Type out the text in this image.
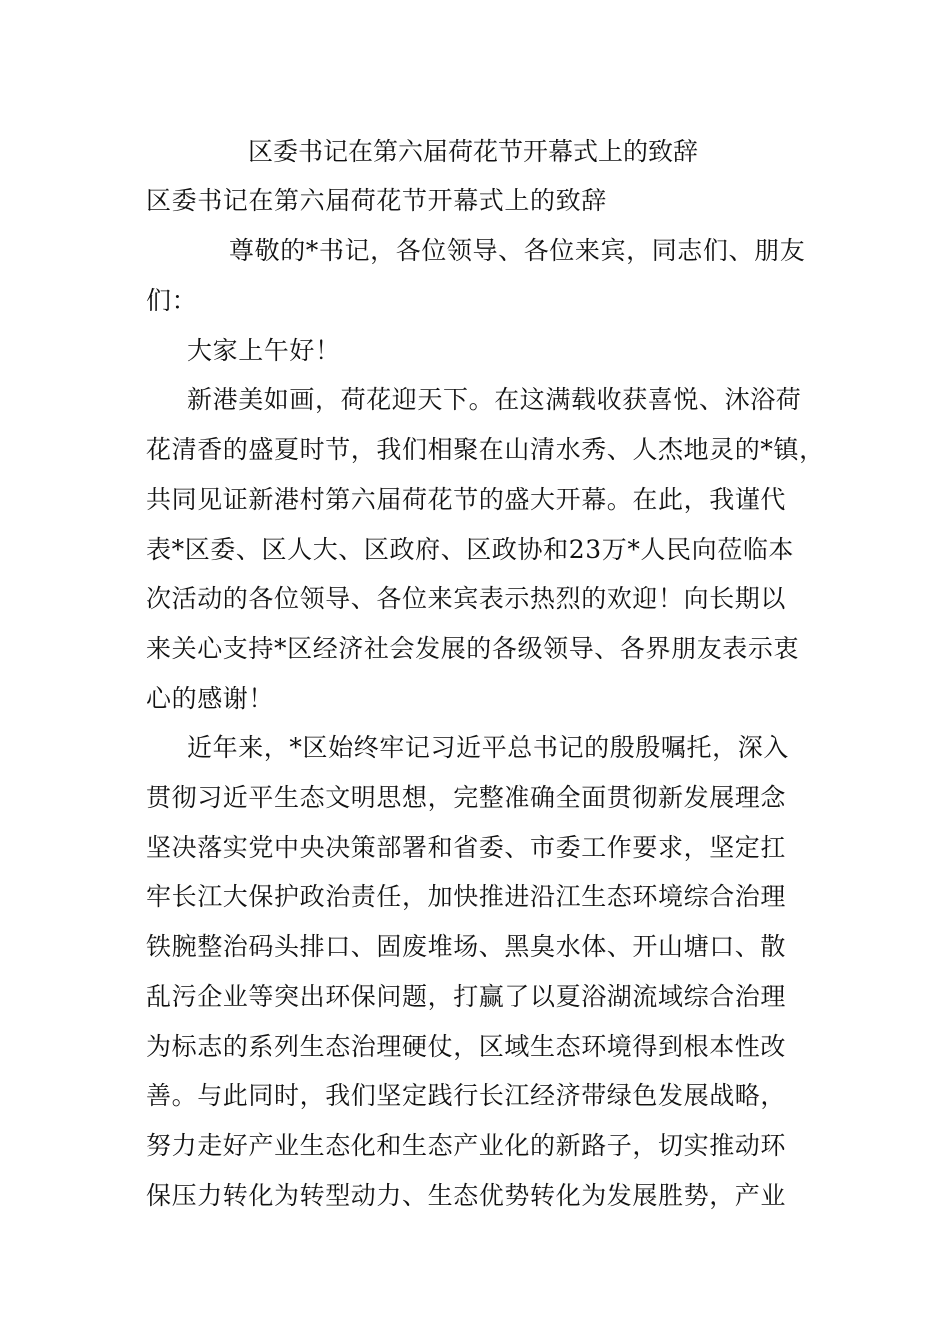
区委书记在第六届荷花节开幕式上的致辞
区委书记在第六届荷花节开幕式上的致辞
尊敬的*书记，各位领导、各位来宾，同志们、朋友
们：
大家上午好！
新港美如画，荷花迎天下。在这满载收获喜悦、沐浴荷
花清香的盛夏时节，我们相聚在山清水秀、人杰地灵的*镇，
共同见证新港村第六届荷花节的盛大开幕。在此，我谨代
表*区委、区人大、区政府、区政协和23万*人民向莅临本
次活动的各位领导、各位来宾表示热烈的欢迎！向长期以
来关心支持*区经济社会发展的各级领导、各界朋友表示衷
心的感谢！
近年来，*区始终牢记习近平总书记的殷殷嘱托，深入
贯彻习近平生态文明思想，完整准确全面贯彻新发展理念
坚决落实党中央决策部署和省委、市委工作要求，坚定扛
牢长江大保护政治责任，加快推进沿江生态环境综合治理
铁腕整治码头排口、固废堆场、黑臭水体、开山塘口、散
乱污企业等突出环保问题，打赢了以夏浴湖流域综合治理
为标志的系列生态治理硬仗，区域生态环境得到根本性改
善。与此同时，我们坚定践行长江经济带绿色发展战略，
努力走好产业生态化和生态产业化的新路子，切实推动环
保压力转化为转型动力、生态优势转化为发展胜势，产业
